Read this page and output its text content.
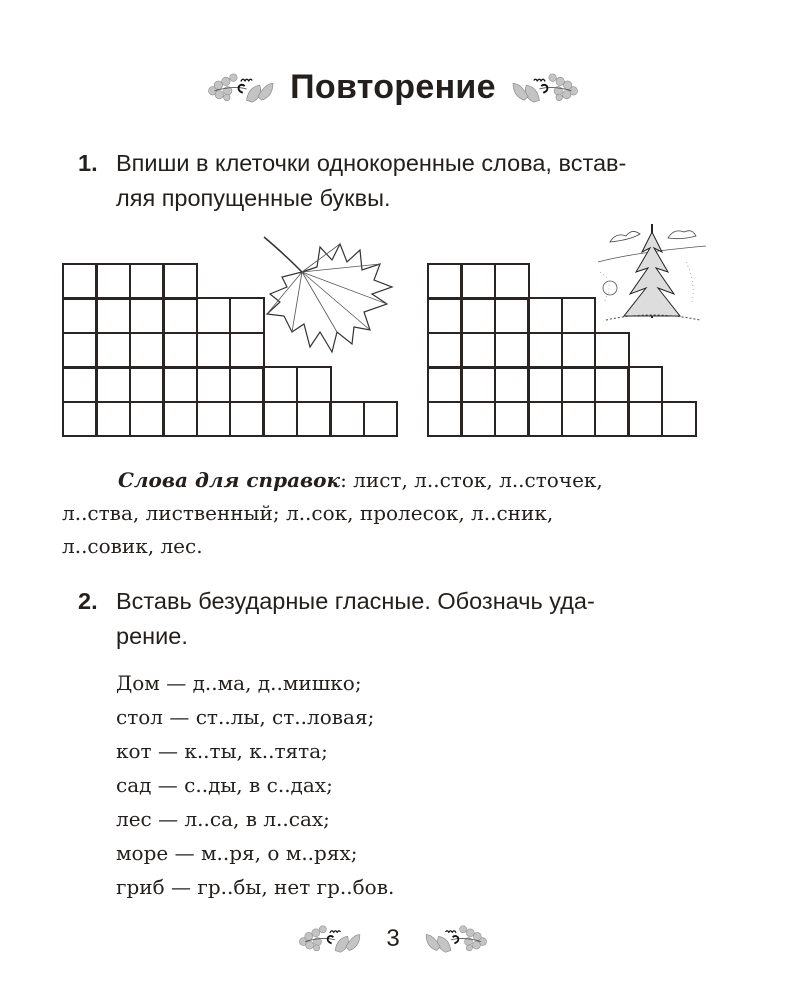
Повторение
1. Впиши в клеточки однокоренные слова, встав-
ляя пропущенные буквы.
Слова для справок: лист, л..сток, л..сточек,
л..ства, лиственный; л..сок, пролесок, л..сник,
л..совик, лес.
2. Вставь безударные гласные. Обозначь уда-
рение.
Дом — д..ма, д..мишко;
стол — ст..лы, ст..ловая;
кот — к..ты, к..тята;
сад — с..ды, в с..дах;
лес — л..са, в л..сах;
море — м..ря, о м..рях;
гриб — гр..бы, нет гр..бов.
3
